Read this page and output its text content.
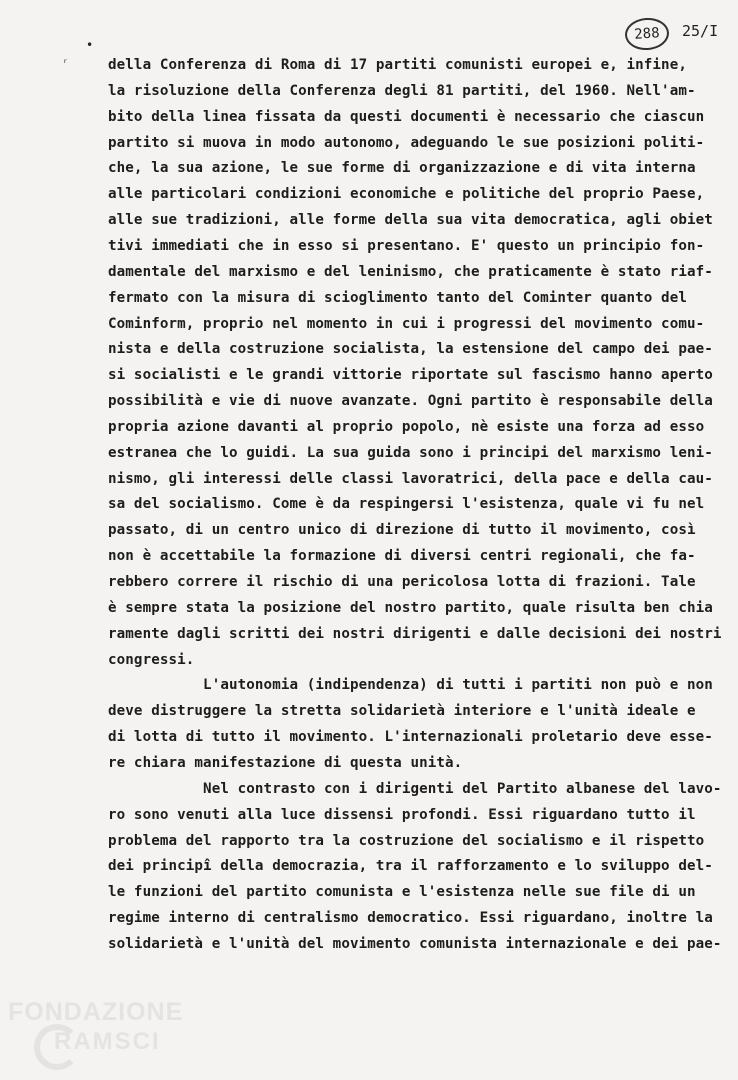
288	25/I
•
ʳ	della Conferenza di Roma di 17 partiti comunisti europei e, infine,
la risoluzione della Conferenza degli 81 partiti, del 1960. Nell'am-
bito della linea fissata da questi documenti è necessario che ciascun
partito si muova in modo autonomo, adeguando le sue posizioni politi-
che, la sua azione, le sue forme di organizzazione e di vita interna
alle particolari condizioni economiche e politiche del proprio Paese,
alle sue tradizioni, alle forme della sua vita democratica, agli obiet
tivi immediati che in esso si presentano. E' questo un principio fon-
damentale del marxismo e del leninismo, che praticamente è stato riaf-
fermato con la misura di scioglimento tanto del Cominter quanto del
Cominform, proprio nel momento in cui i progressi del movimento comu-
nista e della costruzione socialista, la estensione del campo dei pae-
si socialisti e le grandi vittorie riportate sul fascismo hanno aperto
possibilità e vie di nuove avanzate. Ogni partito è responsabile della
propria azione davanti al proprio popolo, nè esiste una forza ad esso
estranea che lo guidi. La sua guida sono i principi del marxismo leni-
nismo, gli interessi delle classi lavoratrici, della pace e della cau-
sa del socialismo. Come è da respingersi l'esistenza, quale vi fu nel
passato, di un centro unico di direzione di tutto il movimento, così
non è accettabile la formazione di diversi centri regionali, che fa-
rebbero correre il rischio di una pericolosa lotta di frazioni. Tale
è sempre stata la posizione del nostro partito, quale risulta ben chia
ramente dagli scritti dei nostri dirigenti e dalle decisioni dei nostri
congressi.
L'autonomia (indipendenza) di tutti i partiti non può e non
deve distruggere la stretta solidarietà interiore e l'unità ideale e
di lotta di tutto il movimento. L'internazionali proletario deve esse-
re chiara manifestazione di questa unità.
Nel contrasto con i dirigenti del Partito albanese del lavo-
ro sono venuti alla luce dissensi profondi. Essi riguardano tutto il
problema del rapporto tra la costruzione del socialismo e il rispetto
dei principî della democrazia, tra il rafforzamento e lo sviluppo del-
le funzioni del partito comunista e l'esistenza nelle sue file di un
regime interno di centralismo democratico. Essi riguardano, inoltre la
solidarietà e l'unità del movimento comunista internazionale e dei pae-
FONDAZIONE
RAMSCI
